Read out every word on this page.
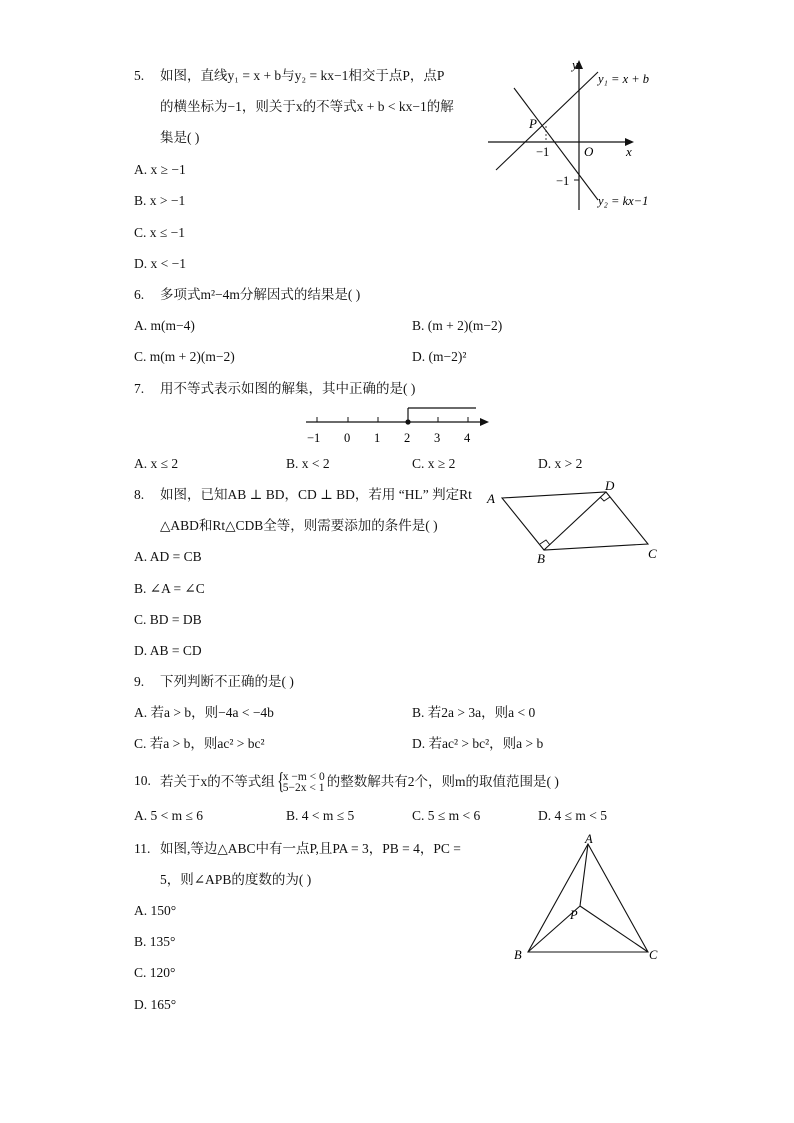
5. 如图，直线y₁ = x + b与y₂ = kx−1相交于点P，点P
的横坐标为−1，则关于x的不等式x + b < kx−1的解
集是( )
A. x ≥ −1
B. x > −1
C. x ≤ −1
D. x < −1
y
x
O
P
−1
−1
y₁ = x + b
y₂ = kx−1
6. 多项式m²−4m分解因式的结果是( )
A. m(m−4)	B. (m + 2)(m−2)
C. m(m + 2)(m−2)	D. (m−2)²
7. 用不等式表示如图的解集，其中正确的是( )
−1 0 1 2 3 4
A. x ≤ 2	B. x < 2	C. x ≥ 2	D. x > 2
8. 如图，已知AB ⊥ BD，CD ⊥ BD，若用 “HL” 判定Rt
△ABD和Rt△CDB全等，则需要添加的条件是( )
A. AD = CB
B. ∠A = ∠C
C. BD = DB
D. AB = CD
A
D
C
B
9. 下列判断不正确的是( )
A. 若a > b，则−4a < −4b	B. 若2a > 3a，则a < 0
C. 若a > b，则ac² > bc²	D. 若ac² > bc²，则a > b
10. 若关于x的不等式组 {
x −m < 0
5−2x < 1 的整数解共有2个，则m的取值范围是( )
A. 5 < m ≤ 6	B. 4 < m ≤ 5	C. 5 ≤ m < 6	D. 4 ≤ m < 5
11. 如图,等边△ABC中有一点P,且PA = 3，PB = 4，PC =
5，则∠APB的度数的为( )
A. 150°
B. 135°
C. 120°
D. 165°
A
B	C
P
